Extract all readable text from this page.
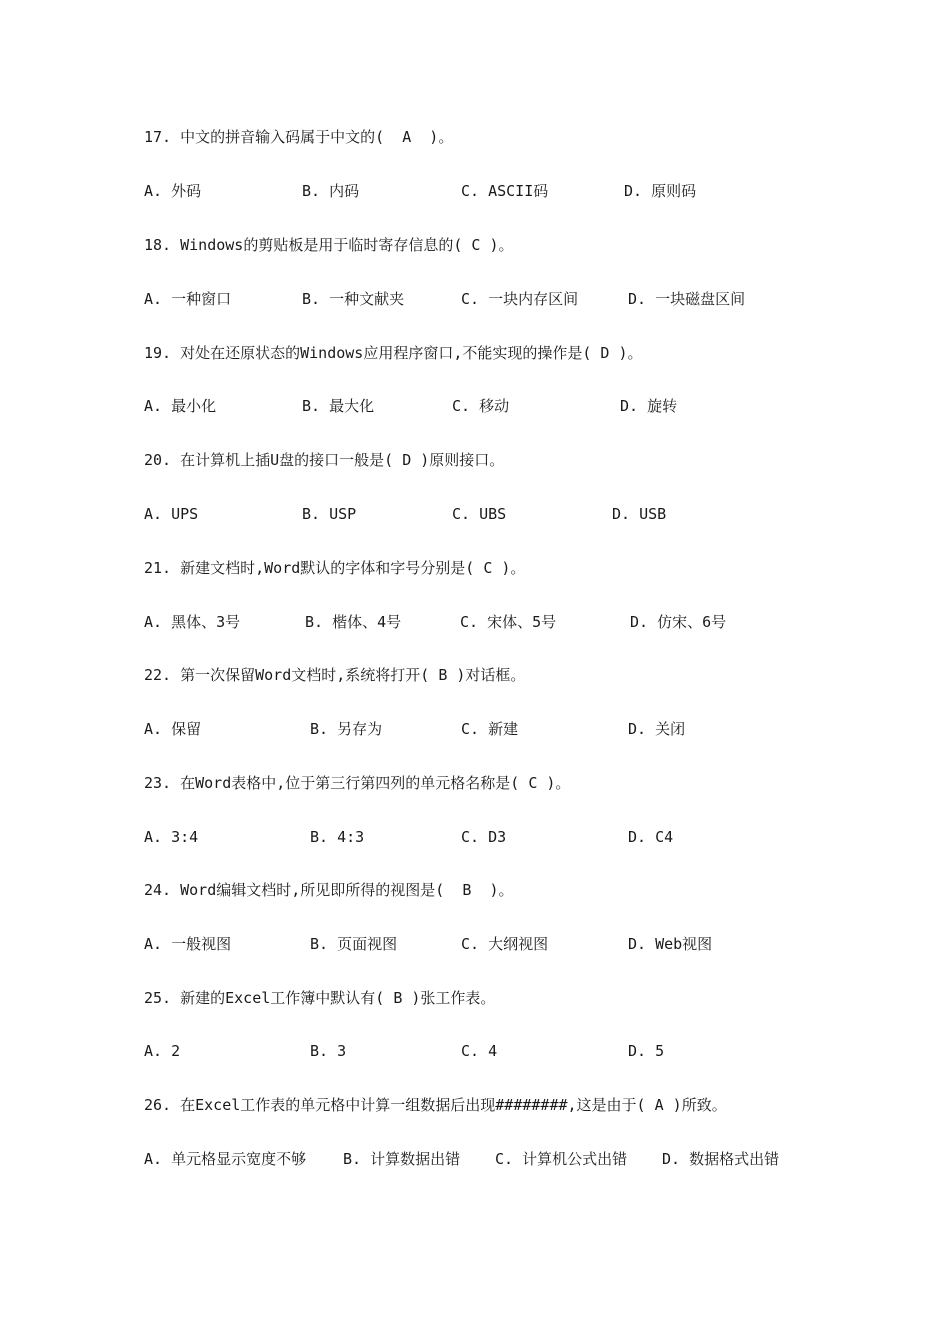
17. 中文的拼音输入码属于中文的(  A  )。

A. 外码

	B. 内码

	C. ASCII码

	D. 原则码

18. Windows的剪贴板是用于临时寄存信息的( C )。

A. 一种窗口

	B. 一种文献夹

	C. 一块内存区间

	D. 一块磁盘区间

19. 对处在还原状态的Windows应用程序窗口,不能实现的操作是( D )。

A. 最小化

	B. 最大化

	C. 移动

	D. 旋转

20. 在计算机上插U盘的接口一般是( D )原则接口。

A. UPS

	B. USP

	C. UBS

	D. USB

21. 新建文档时,Word默认的字体和字号分别是( C )。

A. 黑体、3号

	B. 楷体、4号

	C. 宋体、5号

	D. 仿宋、6号

22. 第一次保留Word文档时,系统将打开( B )对话框。

A. 保留

	B. 另存为

	C. 新建

	D. 关闭

23. 在Word表格中,位于第三行第四列的单元格名称是( C )。

A. 3:4

	B. 4:3

	C. D3

	D. C4

24. Word编辑文档时,所见即所得的视图是(  B  )。

A. 一般视图

	B. 页面视图

	C. 大纲视图

	D. Web视图

25. 新建的Excel工作簿中默认有( B )张工作表。

A. 2

	B. 3

	C. 4

	D. 5

26. 在Excel工作表的单元格中计算一组数据后出现########,这是由于( A )所致。

A. 单元格显示宽度不够

B. 计算数据出错

C. 计算机公式出错

D. 数据格式出错
